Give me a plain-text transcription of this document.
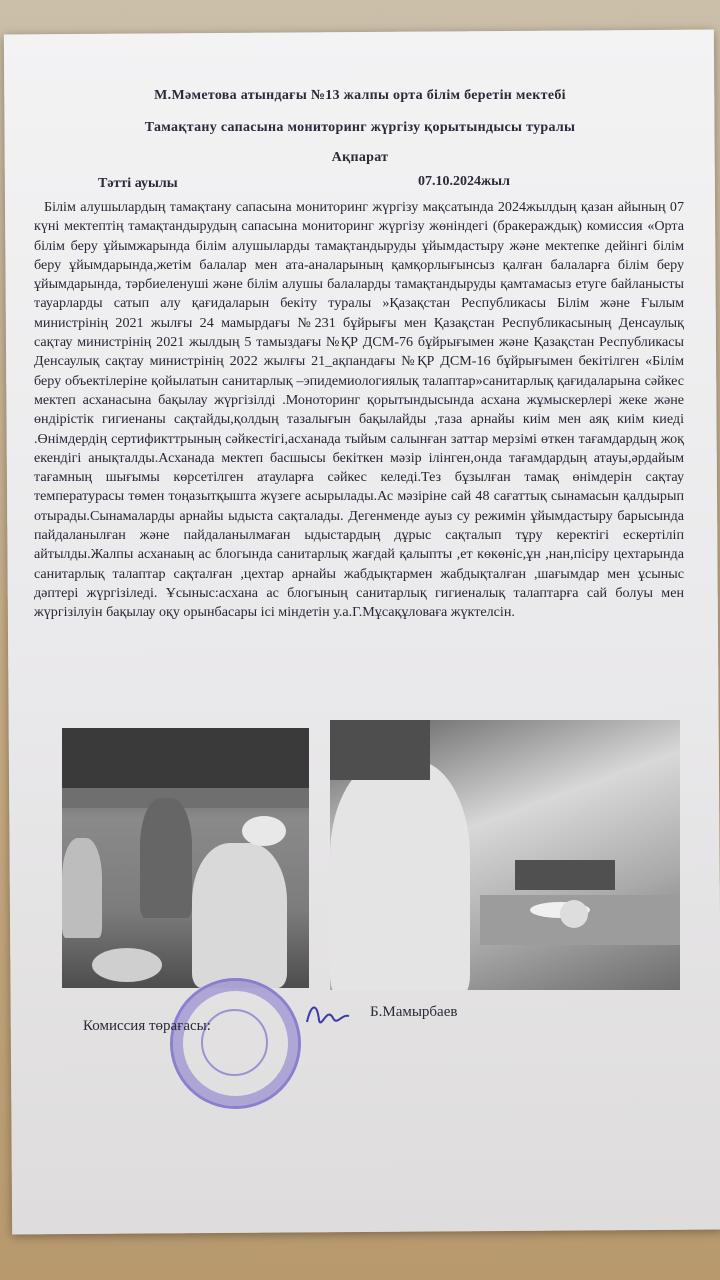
М.Мәметова атындағы №13 жалпы орта білім беретін мектебі
Тамақтану сапасына мониторинг жүргізу қорытындысы туралы
Ақпарат
Тәтті ауылы	07.10.2024жыл
Білім алушылардың тамақтану сапасына мониторинг жүргізу мақсатында 2024жылдың қазан айының 07 күні мектептің тамақтандырудың сапасына мониторинг жүргізу жөніндегі (бракераждық) комиссия «Орта білім беру ұйымжарында білім алушыларды тамақтандыруды ұйымдастыру және мектепке дейінгі білім беру ұйымдарында,жетім балалар мен ата-аналарының қамқорлығынсыз қалған балаларға білім беру ұйымдарында, тәрбиеленуші және білім алушы балаларды тамақтандыруды қамтамасыз етуге байланысты тауарларды сатып алу қағидаларын бекіту туралы »Қазақстан Республикасы Білім және Ғылым министрінің 2021 жылғы 24 мамырдағы №231 бұйрығы мен Қазақстан Республикасының Денсаулық сақтау министрінің 2021 жылдың 5 тамыздағы №ҚР ДСМ-76 бұйрығымен және Қазақстан Республикасы Денсаулық сақтау министрінің 2022 жылғы 21_ақпандағы №ҚР ДСМ-16 бұйрығымен бекітілген «Білім беру объектілеріне қойылатын санитарлық –эпидемиологиялық талаптар»санитарлық қағидаларына сәйкес мектеп асханасына бақылау жүргізілді .Моноторинг қорытындысында асхана жұмыскерлері жеке және өндірістік гигиенаны сақтайды,қолдың тазалығын бақылайды ,таза арнайы киім мен аяқ киім киеді .Өнімдердің сертификттрының сәйкестігі,асханада тыйым салынған заттар мерзімі өткен тағамдардың жоқ екендігі анықталды.Асханада мектеп басшысы бекіткен мәзір ілінген,онда тағамдардың атауы,әрдайым тағамның шығымы көрсетілген атауларға сәйкес келеді.Тез бұзылған тамақ өнімдерін сақтау температурасы төмен тоңазытқышта жүзеге асырылады.Ас мәзіріне сай 48 сағаттық сынамасын қалдырып отырады.Сынамаларды арнайы ыдыста сақталады. Дегенменде ауыз су режимін ұйымдастыру барысында пайдаланылған және пайдаланылмаған ыдыстардың дұрыс сақталып тұру керектігі ескертіліп айтылды.Жалпы асханаың ас блогында санитарлық жағдай қалыпты ,ет көкөніс,ұн ,нан,пісіру цехтарында санитарлық талаптар сақталған ,цехтар арнайы жабдықтармен жабдықталған ,шағымдар мен ұсыныс дәптері жүргізіледі. Ұсыныс:асхана ас блогының санитарлық гигиеналық талаптарға сай болуы мен жүргізілуін бақылау оқу орынбасары ісі міндетін у.а.Г.Мұсақұловаға жүктелсін.
Комиссия төрағасы:
Б.Мамырбаев
